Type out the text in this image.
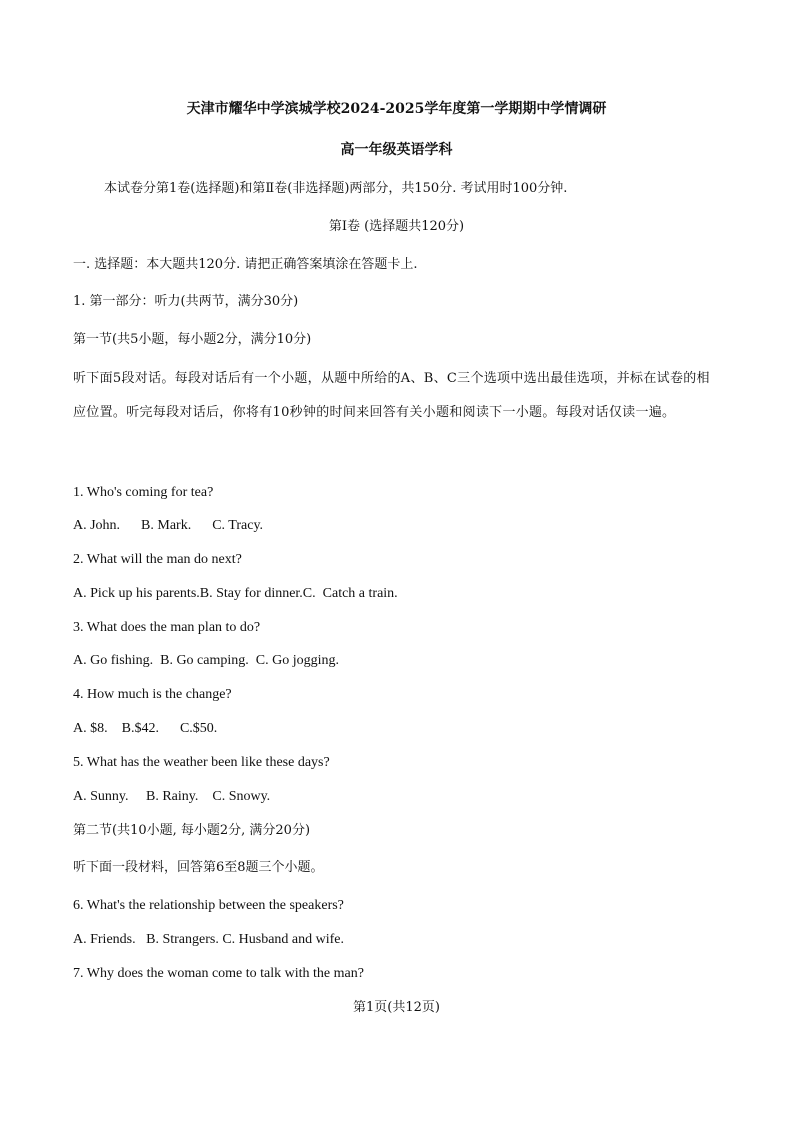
天津市耀华中学滨城学校2024-2025学年度第一学期期中学情调研
高一年级英语学科
本试卷分第1卷(选择题)和第Ⅱ卷(非选择题)两部分，共150分. 考试用时100分钟.
第Ⅰ卷 (选择题共120分)
一. 选择题：本大题共120分. 请把正确答案填涂在答题卡上.
1. 第一部分：听力(共两节，满分30分)
第一节(共5小题，每小题2分，满分10分)
听下面5段对话。每段对话后有一个小题，从题中所给的A、B、C三个选项中选出最佳选项，并标在试卷的相应位置。听完每段对话后，你将有10秒钟的时间来回答有关小题和阅读下一小题。每段对话仅读一遍。
1. Who's coming for tea?
A. John.      B. Mark.      C. Tracy.
2. What will the man do next?
A. Pick up his parents.B. Stay for dinner.C.  Catch a train.
3. What does the man plan to do?
A. Go fishing.  B. Go camping.  C. Go jogging.
4. How much is the change?
A. $8.    B.$42.      C.$50.
5. What has the weather been like these days?
A. Sunny.     B. Rainy.    C. Snowy.
第二节(共10小题, 每小题2分, 满分20分)
听下面一段材料，回答第6至8题三个小题。
6. What's the relationship between the speakers?
A. Friends.   B. Strangers. C. Husband and wife.
7. Why does the woman come to talk with the man?
第1页(共12页)
